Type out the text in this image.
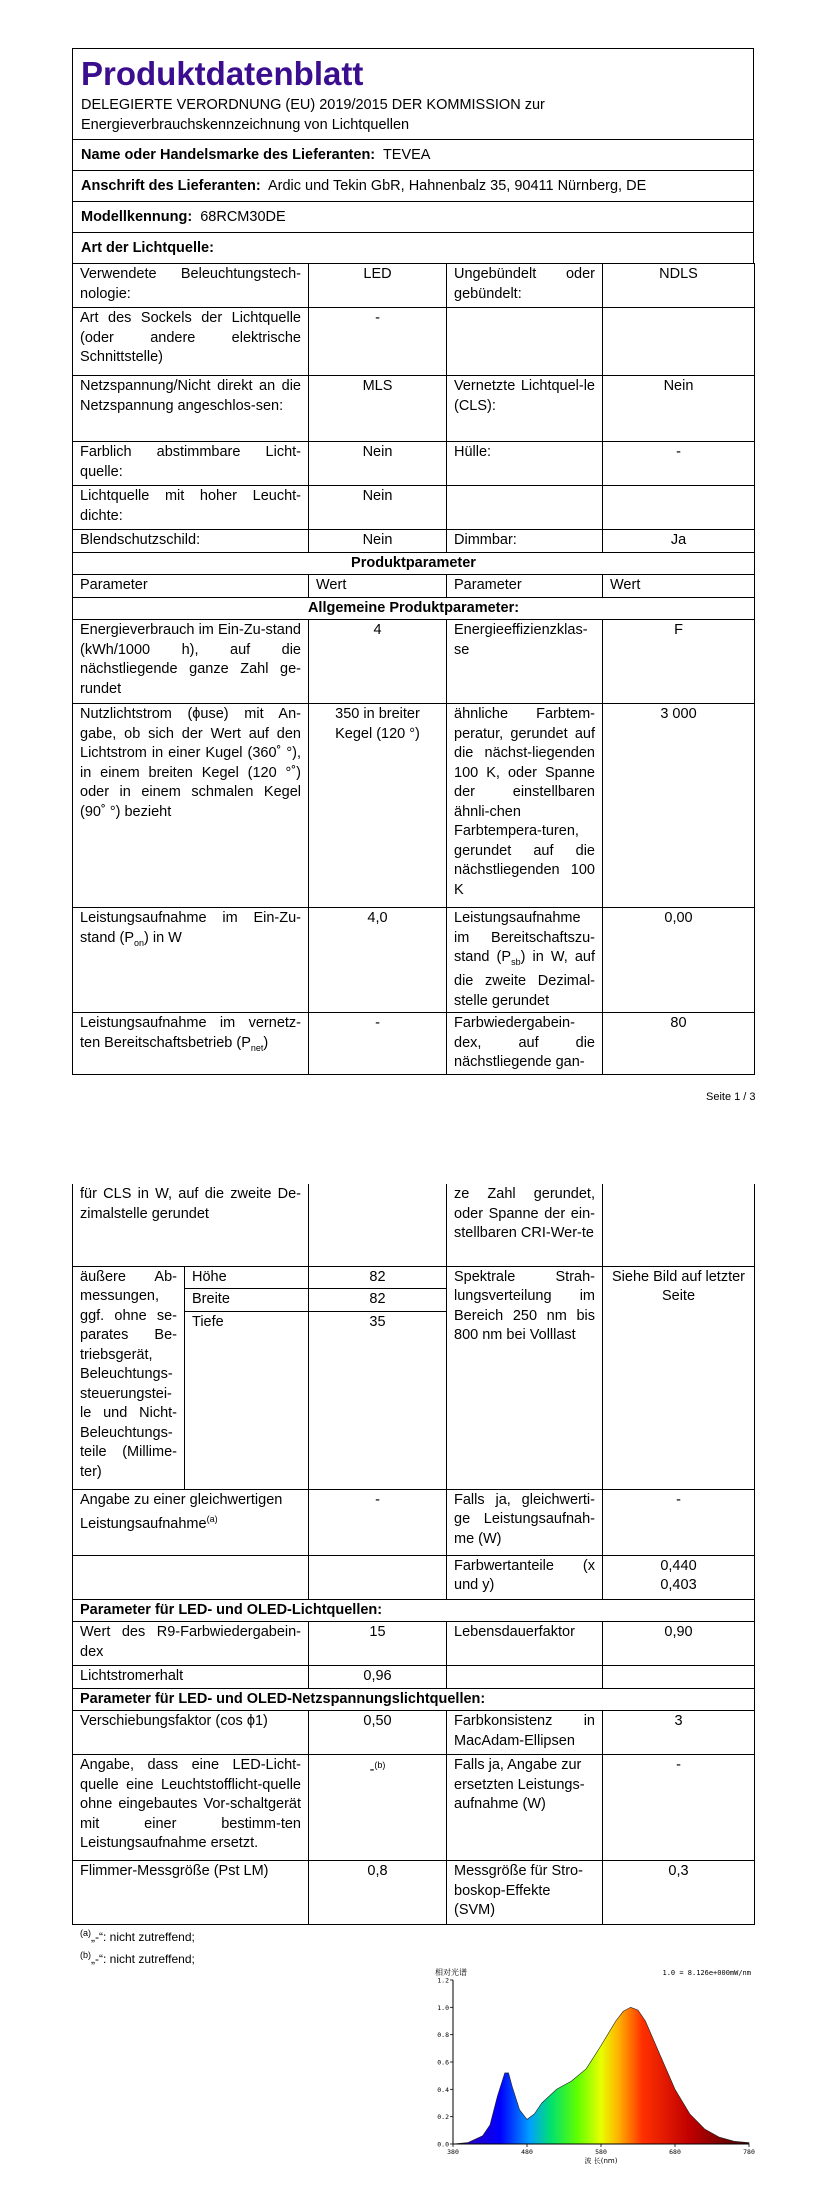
Produktdatenblatt
DELEGIERTE VERORDNUNG (EU) 2019/2015 DER KOMMISSION zur Energieverbrauchskennzeichnung von Lichtquellen
Name oder Handelsmarke des Lieferanten: TEVEA
Anschrift des Lieferanten: Ardic und Tekin GbR, Hahnenbalz 35, 90411 Nürnberg, DE
Modellkennung: 68RCM30DE
Art der Lichtquelle:
Verwendete Beleuchtungstech-nologie:	LED	Ungebündelt oder gebündelt:	NDLS
Art des Sockels der Lichtquelle (oder andere elektrische Schnittstelle)	-		
Netzspannung/Nicht direkt an die Netzspannung angeschlos-sen:	MLS	Vernetzte Lichtquel-le (CLS):	Nein
Farblich abstimmbare Licht-quelle:	Nein	Hülle:	-
Lichtquelle mit hoher Leucht-dichte:	Nein		
Blendschutzschild:	Nein	Dimmbar:	Ja
Produktparameter			
Parameter	Wert	Parameter	Wert
Allgemeine Produktparameter:			
Energieverbrauch im Ein-Zu-stand (kWh/1000 h), auf die nächstliegende ganze Zahl ge-rundet	4	Energieeffizienzklas-se	F
Nutzlichtstrom (ϕuse) mit An-gabe, ob sich der Wert auf den Lichtstrom in einer Kugel (360˚ °), in einem breiten Kegel (120 °˚) oder in einem schmalen Kegel (90˚ °) bezieht	350 in breiter Kegel (120 °)	ähnliche Farbtem-peratur, gerundet auf die nächst-liegenden 100 K, oder Spanne der einstellbaren ähnli-chen Farbtempera-turen, gerundet auf die nächstliegenden 100 K	3 000
Leistungsaufnahme im Ein-Zu-stand $(P_{on})$ in W	4,0	Leistungsaufnahme im Bereitschaftszu-stand $(P_{sb})$ in W, auf die zweite Dezimal-stelle gerundet	0,00
Leistungsaufnahme im vernetz-ten Bereitschaftsbetrieb $(P_{net})$	-	Farbwiedergabein-dex, auf die nächstliegende gan-	80
Seite 1 / 3
für CLS in W, auf die zweite De-zimalstelle gerundet			ze Zahl gerundet, oder Spanne der ein-stellbaren CRI-Wer-te	
äußere Ab-messungen, ggf. ohne se-parates Be-triebsgerät, Beleuchtungs-steuerungstei-le und Nicht-Beleuchtungs-teile (Millime-ter)	Höhe	82	Spektrale Strah-lungsverteilung im Bereich 250 nm bis 800 nm bei Volllast	Siehe Bild auf letzter Seite
	Breite	82		
	Tiefe	35		
Angabe zu einer gleichwertigen Leistungsaufnahme$^{(a)}$		-	Falls ja, gleichwerti-ge Leistungsaufnah-me (W)	-
			Farbwertanteile (x und y)	0,440
0,403

Parameter für LED- und OLED-Lichtquellen:				
Wert des R9-Farbwiedergabein-dex		15	Lebensdauerfaktor	0,90
Lichtstromerhalt		0,96		
Parameter für LED- und OLED-Netzspannungslichtquellen:				
Verschiebungsfaktor (cos ϕ1)		0,50	Farbkonsistenz in MacAdam-Ellipsen	3
Angabe, dass eine LED-Licht-quelle eine Leuchtstofflicht-quelle ohne eingebautes Vor-schaltgerät mit einer bestimm-ten Leistungsaufnahme ersetzt.		-$^{(b)}$	Falls ja, Angabe zur ersetzten Leistungs-aufnahme (W)	-
Flimmer-Messgröße (Pst LM)		0,8	Messgröße für Stro-boskop-Effekte (SVM)	0,3
$^{(a)}$„-“: nicht zutreffend;
$^{(b)}$„-“: nicht zutreffend;
相对光谱	1.0 = 8.126e+000mW/nm
1.2
1.0
0.8
0.6
0.4
0.2
0.0
380	480	580	680	780
波 长(nm)
